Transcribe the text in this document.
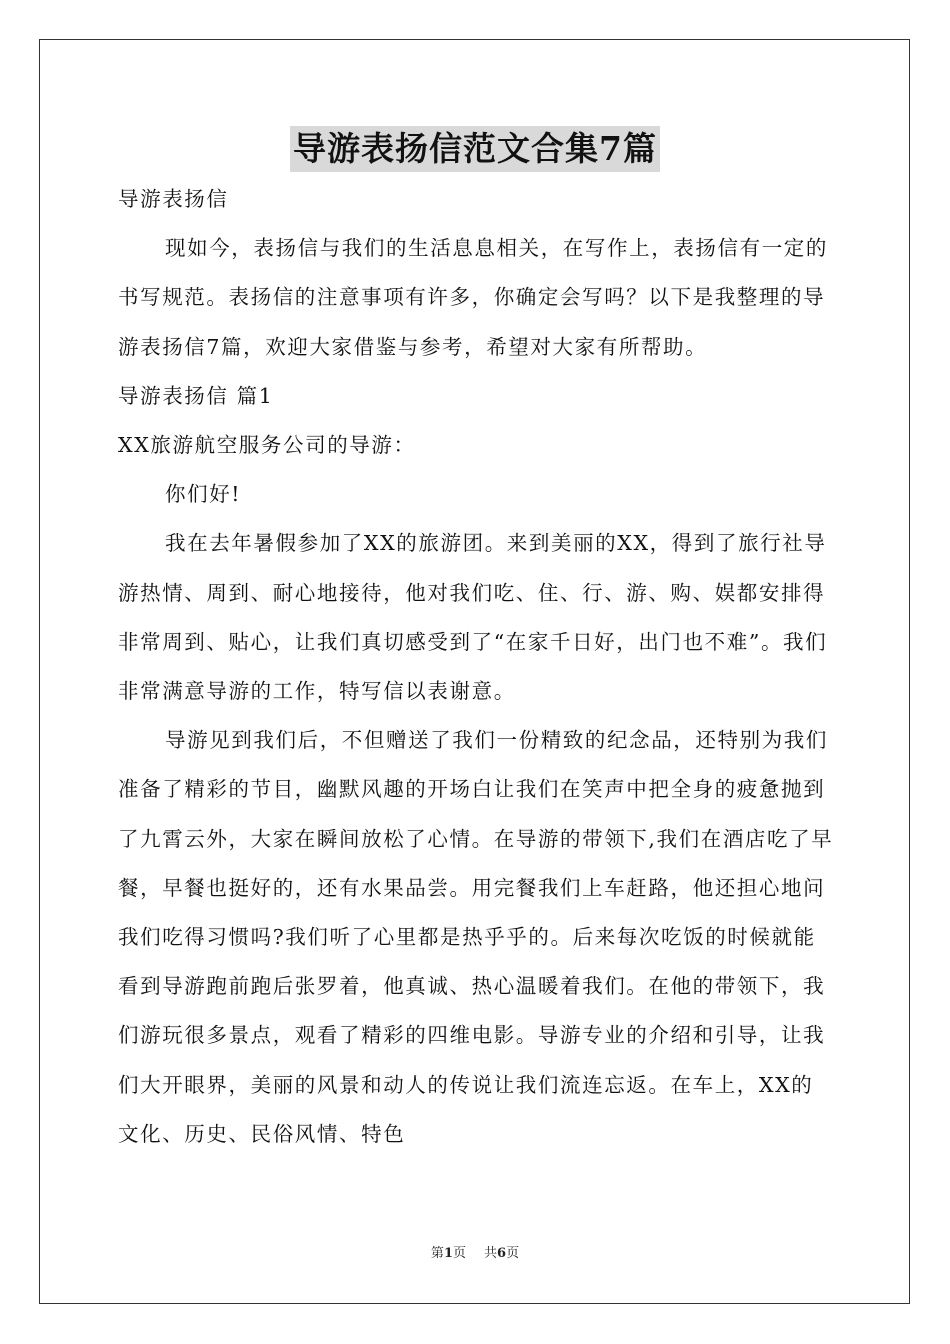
导游表扬信范文合集7篇

导游表扬信

现如今，表扬信与我们的生活息息相关，在写作上，表扬信有一定的书写规范。表扬信的注意事项有许多，你确定会写吗？以下是我整理的导游表扬信7篇，欢迎大家借鉴与参考，希望对大家有所帮助。

导游表扬信 篇1

XX旅游航空服务公司的导游：

你们好!

我在去年暑假参加了XX的旅游团。来到美丽的XX，得到了旅行社导游热情、周到、耐心地接待，他对我们吃、住、行、游、购、娱都安排得非常周到、贴心，让我们真切感受到了“在家千日好，出门也不难”。我们非常满意导游的工作，特写信以表谢意。

导游见到我们后，不但赠送了我们一份精致的纪念品，还特别为我们准备了精彩的节目，幽默风趣的开场白让我们在笑声中把全身的疲惫抛到了九霄云外，大家在瞬间放松了心情。在导游的带领下,我们在酒店吃了早餐，早餐也挺好的，还有水果品尝。用完餐我们上车赶路，他还担心地问我们吃得习惯吗?我们听了心里都是热乎乎的。后来每次吃饭的时候就能看到导游跑前跑后张罗着，他真诚、热心温暖着我们。在他的带领下，我们游玩很多景点，观看了精彩的四维电影。导游专业的介绍和引导，让我们大开眼界，美丽的风景和动人的传说让我们流连忘返。在车上，XX的文化、历史、民俗风情、特色

第1页 共6页
